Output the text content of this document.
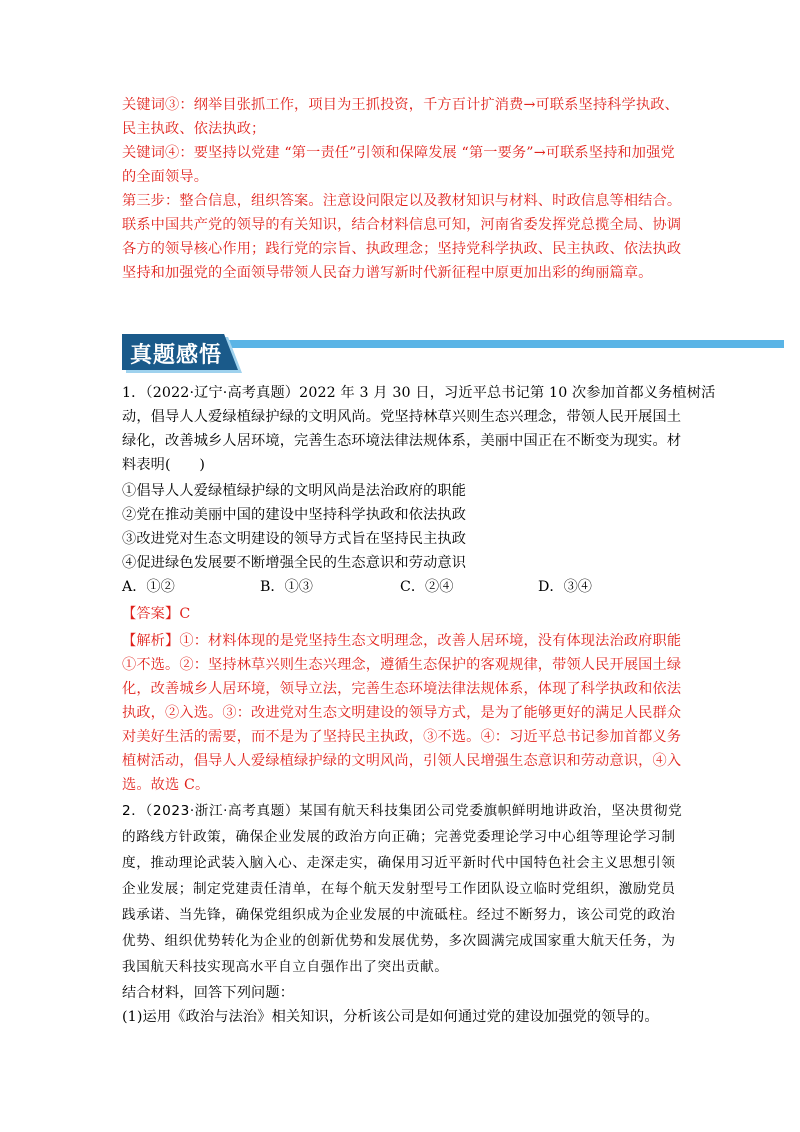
关键词③：纲举目张抓工作，项目为王抓投资，千方百计扩消费→可联系坚持科学执政、
民主执政、依法执政；
关键词④：要坚持以党建 “第一责任”引领和保障发展 “第一要务”→可联系坚持和加强党
的全面领导。
第三步：整合信息，组织答案。注意设问限定以及教材知识与材料、时政信息等相结合。
联系中国共产党的领导的有关知识，结合材料信息可知，河南省委发挥党总揽全局、协调
各方的领导核心作用；践行党的宗旨、执政理念；坚持党科学执政、民主执政、依法执政
坚持和加强党的全面领导带领人民奋力谱写新时代新征程中原更加出彩的绚丽篇章。
真题感悟
1．（2022·辽宁·高考真题）2022 年 3 月 30 日，习近平总书记第 10 次参加首都义务植树活
动，倡导人人爱绿植绿护绿的文明风尚。党坚持林草兴则生态兴理念，带领人民开展国土
绿化，改善城乡人居环境，完善生态环境法律法规体系，美丽中国正在不断变为现实。材
料表明(　　)
①倡导人人爱绿植绿护绿的文明风尚是法治政府的职能
②党在推动美丽中国的建设中坚持科学执政和依法执政
③改进党对生态文明建设的领导方式旨在坚持民主执政
④促进绿色发展要不断增强全民的生态意识和劳动意识
A．①②	B．①③	C．②④	D．③④
【答案】C
【解析】①：材料体现的是党坚持生态文明理念，改善人居环境，没有体现法治政府职能
①不选。②：坚持林草兴则生态兴理念，遵循生态保护的客观规律，带领人民开展国土绿
化，改善城乡人居环境，领导立法，完善生态环境法律法规体系，体现了科学执政和依法
执政，②入选。③：改进党对生态文明建设的领导方式，是为了能够更好的满足人民群众
对美好生活的需要，而不是为了坚持民主执政，③不选。④：习近平总书记参加首都义务
植树活动，倡导人人爱绿植绿护绿的文明风尚，引领人民增强生态意识和劳动意识，④入
选。故选 C。
2．（2023·浙江·高考真题）某国有航天科技集团公司党委旗帜鲜明地讲政治，坚决贯彻党
的路线方针政策，确保企业发展的政治方向正确；完善党委理论学习中心组等理论学习制
度，推动理论武装入脑入心、走深走实，确保用习近平新时代中国特色社会主义思想引领
企业发展；制定党建责任清单，在每个航天发射型号工作团队设立临时党组织，激励党员
践承诺、当先锋，确保党组织成为企业发展的中流砥柱。经过不断努力，该公司党的政治
优势、组织优势转化为企业的创新优势和发展优势，多次圆满完成国家重大航天任务，为
我国航天科技实现高水平自立自强作出了突出贡献。
结合材料，回答下列问题：
(1)运用《政治与法治》相关知识，分析该公司是如何通过党的建设加强党的领导的。
